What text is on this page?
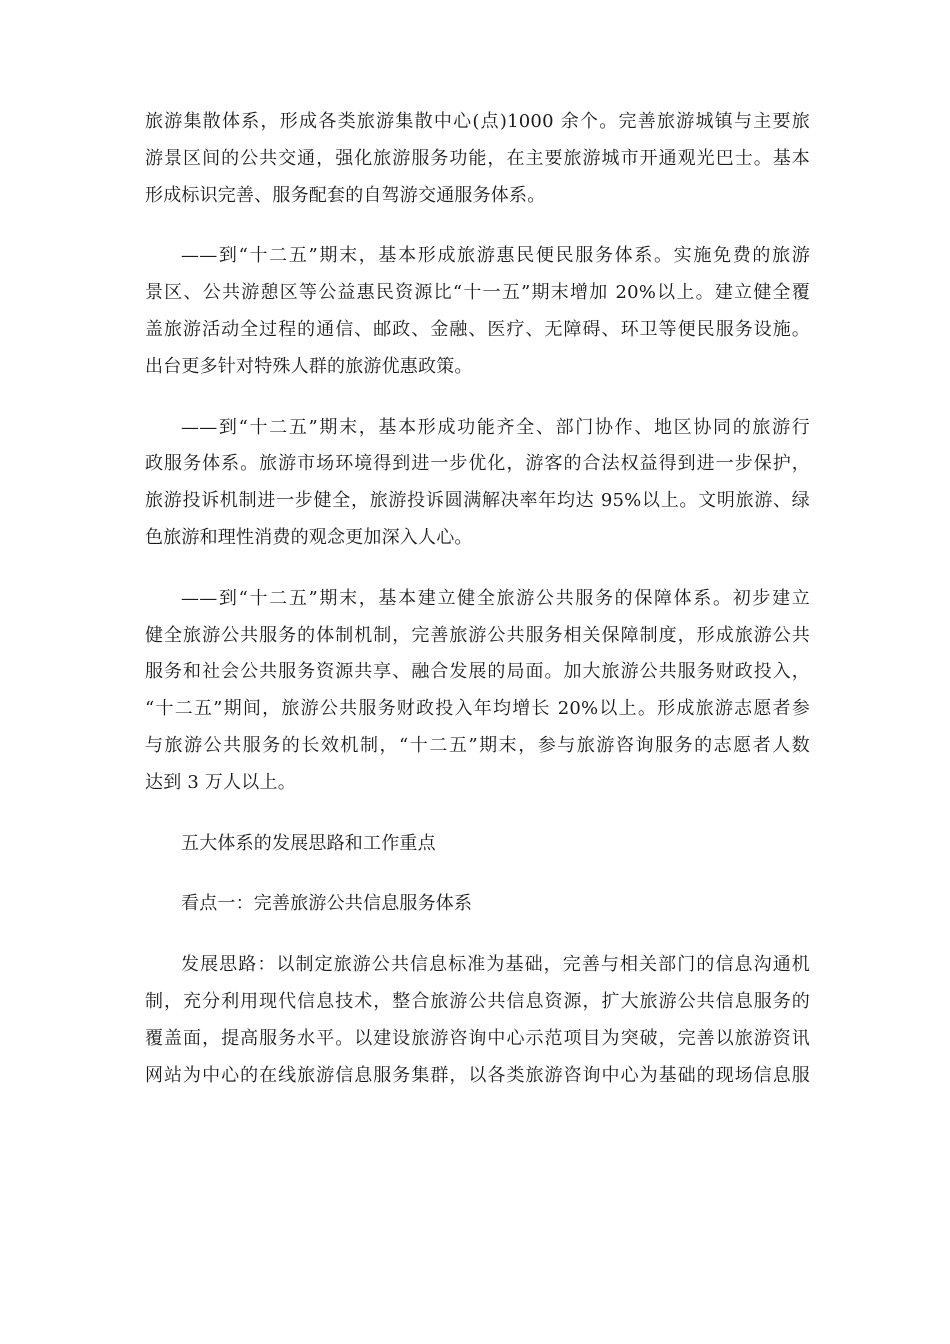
旅游集散体系，形成各类旅游集散中心(点)1000 余个。完善旅游城镇与主要旅
游景区间的公共交通，强化旅游服务功能，在主要旅游城市开通观光巴士。基本
形成标识完善、服务配套的自驾游交通服务体系。
——到“十二五”期末，基本形成旅游惠民便民服务体系。实施免费的旅游
景区、公共游憩区等公益惠民资源比“十一五”期末增加 20%以上。建立健全覆
盖旅游活动全过程的通信、邮政、金融、医疗、无障碍、环卫等便民服务设施。
出台更多针对特殊人群的旅游优惠政策。
——到“十二五”期末，基本形成功能齐全、部门协作、地区协同的旅游行
政服务体系。旅游市场环境得到进一步优化，游客的合法权益得到进一步保护，
旅游投诉机制进一步健全，旅游投诉圆满解决率年均达 95%以上。文明旅游、绿
色旅游和理性消费的观念更加深入人心。
——到“十二五”期末，基本建立健全旅游公共服务的保障体系。初步建立
健全旅游公共服务的体制机制，完善旅游公共服务相关保障制度，形成旅游公共
服务和社会公共服务资源共享、融合发展的局面。加大旅游公共服务财政投入，
“十二五”期间，旅游公共服务财政投入年均增长 20%以上。形成旅游志愿者参
与旅游公共服务的长效机制，“十二五”期末，参与旅游咨询服务的志愿者人数
达到 3 万人以上。
五大体系的发展思路和工作重点
看点一：完善旅游公共信息服务体系
发展思路：以制定旅游公共信息标准为基础，完善与相关部门的信息沟通机
制，充分利用现代信息技术，整合旅游公共信息资源，扩大旅游公共信息服务的
覆盖面，提高服务水平。以建设旅游咨询中心示范项目为突破，完善以旅游资讯
网站为中心的在线旅游信息服务集群，以各类旅游咨询中心为基础的现场信息服
